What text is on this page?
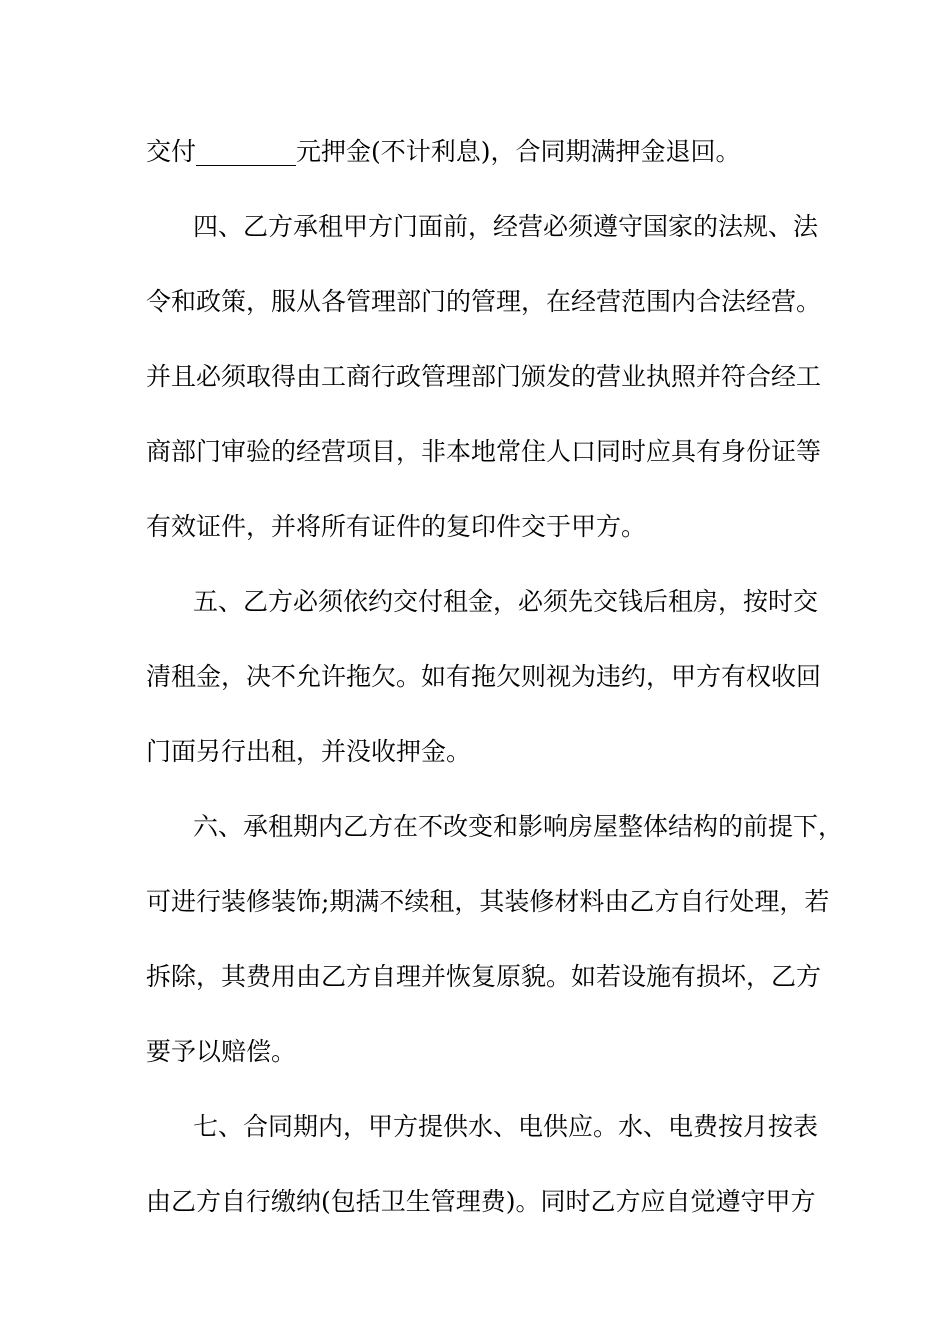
交付________元押金(不计利息)，合同期满押金退回。

四、乙方承租甲方门面前，经营必须遵守国家的法规、法

令和政策，服从各管理部门的管理，在经营范围内合法经营。

并且必须取得由工商行政管理部门颁发的营业执照并符合经工

商部门审验的经营项目，非本地常住人口同时应具有身份证等

有效证件，并将所有证件的复印件交于甲方。

五、乙方必须依约交付租金，必须先交钱后租房，按时交

清租金，决不允许拖欠。如有拖欠则视为违约，甲方有权收回

门面另行出租，并没收押金。

六、承租期内乙方在不改变和影响房屋整体结构的前提下，

可进行装修装饰;期满不续租，其装修材料由乙方自行处理，若

拆除，其费用由乙方自理并恢复原貌。如若设施有损坏，乙方

要予以赔偿。

七、合同期内，甲方提供水、电供应。水、电费按月按表

由乙方自行缴纳(包括卫生管理费)。同时乙方应自觉遵守甲方
